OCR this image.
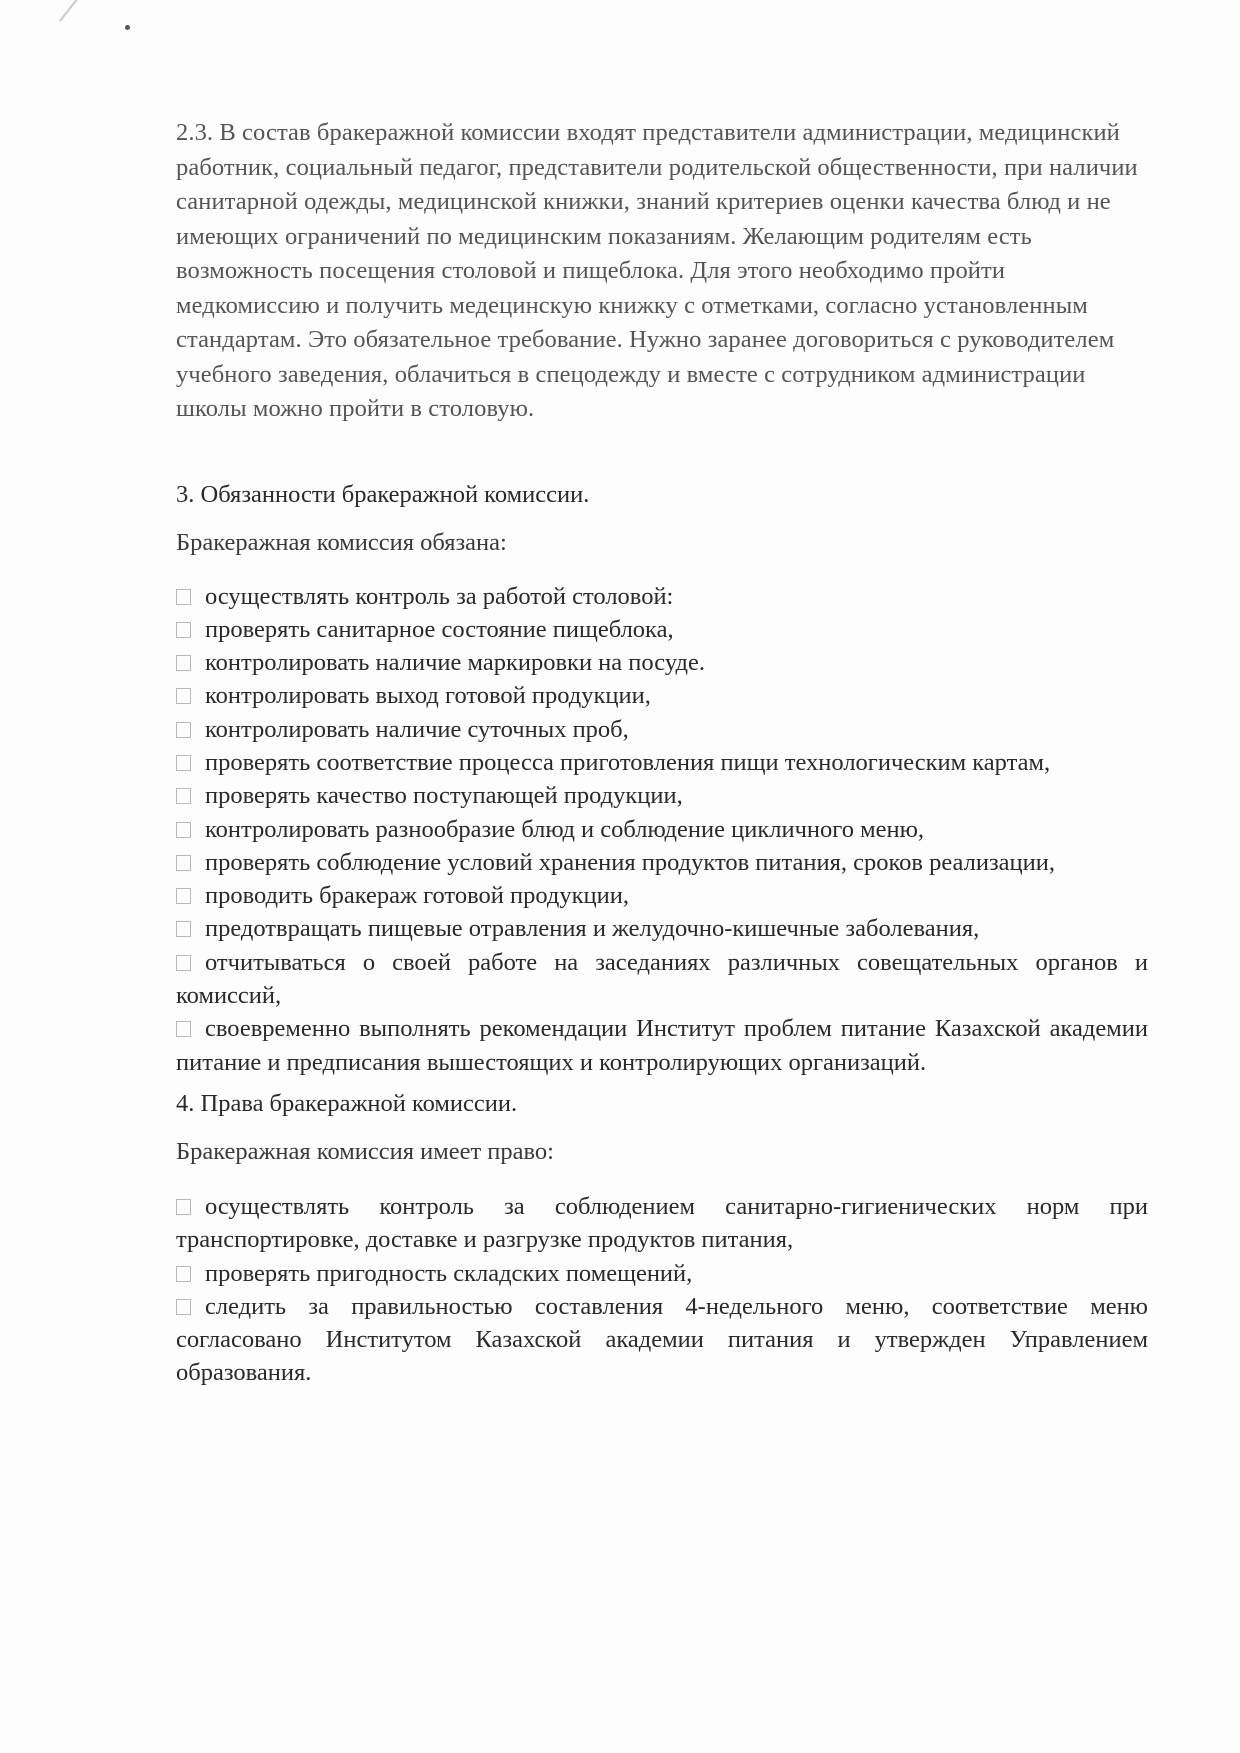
2.3. В состав бракеражной комиссии входят представители администрации, медицинский работник, социальный педагог, представители родительской общественности, при наличии санитарной одежды, медицинской книжки, знаний критериев оценки качества блюд и не имеющих ограничений по медицинским показаниям. Желающим родителям есть возможность посещения столовой и пищеблока. Для этого необходимо пройти медкомиссию и получить медецинскую книжку с отметками, согласно установленным стандартам. Это обязательное требование. Нужно заранее договориться с руководителем учебного заведения, облачиться в спецодежду и вместе с сотрудником администрации школы можно пройти в столовую.

3. Обязанности бракеражной комиссии.

Бракеражная комиссия обязана:

осуществлять контроль за работой столовой:
проверять санитарное состояние пищеблока,
контролировать наличие маркировки на посуде.
контролировать выход готовой продукции,
контролировать наличие суточных проб,
проверять соответствие процесса приготовления пищи технологическим картам,
проверять качество поступающей продукции,
контролировать разнообразие блюд и соблюдение цикличного меню,
проверять соблюдение условий хранения продуктов питания, сроков реализации,
проводить бракераж готовой продукции,
предотвращать пищевые отравления и желудочно-кишечные заболевания,
отчитываться о своей работе на заседаниях различных совещательных органов и комиссий,
своевременно выполнять рекомендации Институт проблем питание Казахской академии питание и предписания вышестоящих и контролирующих организаций.

4. Права бракеражной комиссии.

Бракеражная комиссия имеет право:

осуществлять контроль за соблюдением санитарно-гигиенических норм при транспортировке, доставке и разгрузке продуктов питания,
проверять пригодность складских помещений,
следить за правильностью составления 4-недельного меню, соответствие меню согласовано Институтом Казахской академии питания и утвержден Управлением образования.
